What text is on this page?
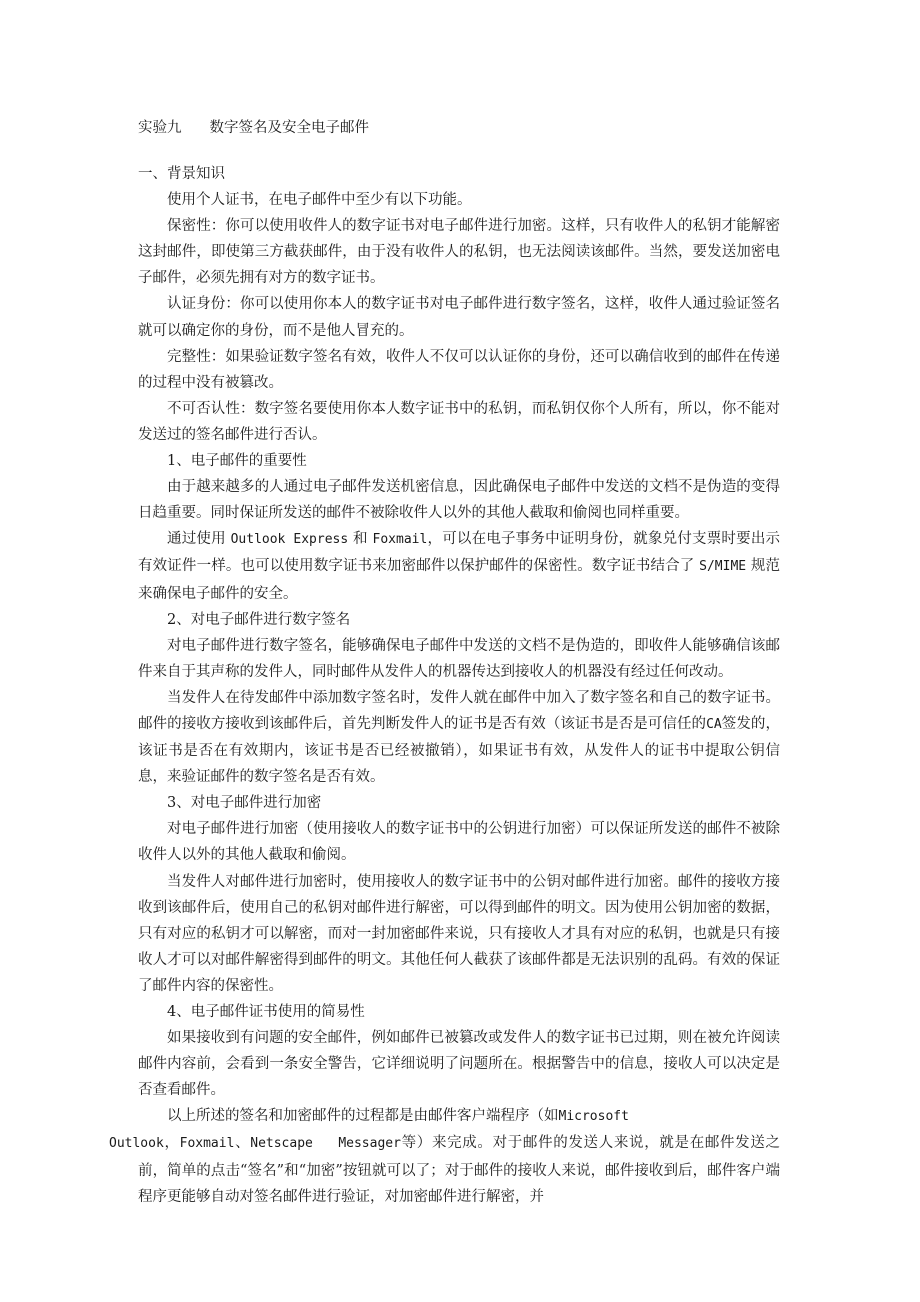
实验九 数字签名及安全电子邮件

一、背景知识

使用个人证书，在电子邮件中至少有以下功能。

保密性：你可以使用收件人的数字证书对电子邮件进行加密。这样，只有收件人的私钥才能解密这封邮件，即使第三方截获邮件，由于没有收件人的私钥，也无法阅读该邮件。当然，要发送加密电子邮件，必须先拥有对方的数字证书。

认证身份：你可以使用你本人的数字证书对电子邮件进行数字签名，这样，收件人通过验证签名就可以确定你的身份，而不是他人冒充的。

完整性：如果验证数字签名有效，收件人不仅可以认证你的身份，还可以确信收到的邮件在传递的过程中没有被篡改。

不可否认性：数字签名要使用你本人数字证书中的私钥，而私钥仅你个人所有，所以，你不能对发送过的签名邮件进行否认。

1、电子邮件的重要性

由于越来越多的人通过电子邮件发送机密信息，因此确保电子邮件中发送的文档不是伪造的变得日趋重要。同时保证所发送的邮件不被除收件人以外的其他人截取和偷阅也同样重要。

通过使用 Outlook Express 和 Foxmail，可以在电子事务中证明身份，就象兑付支票时要出示有效证件一样。也可以使用数字证书来加密邮件以保护邮件的保密性。数字证书结合了 S/MIME 规范来确保电子邮件的安全。

2、对电子邮件进行数字签名

对电子邮件进行数字签名，能够确保电子邮件中发送的文档不是伪造的，即收件人能够确信该邮件来自于其声称的发件人，同时邮件从发件人的机器传达到接收人的机器没有经过任何改动。

当发件人在待发邮件中添加数字签名时，发件人就在邮件中加入了数字签名和自己的数字证书。邮件的接收方接收到该邮件后，首先判断发件人的证书是否有效（该证书是否是可信任的CA签发的，该证书是否在有效期内，该证书是否已经被撤销），如果证书有效，从发件人的证书中提取公钥信息，来验证邮件的数字签名是否有效。

3、对电子邮件进行加密

对电子邮件进行加密（使用接收人的数字证书中的公钥进行加密）可以保证所发送的邮件不被除收件人以外的其他人截取和偷阅。

当发件人对邮件进行加密时，使用接收人的数字证书中的公钥对邮件进行加密。邮件的接收方接收到该邮件后，使用自己的私钥对邮件进行解密，可以得到邮件的明文。因为使用公钥加密的数据，只有对应的私钥才可以解密，而对一封加密邮件来说，只有接收人才具有对应的私钥，也就是只有接收人才可以对邮件解密得到邮件的明文。其他任何人截获了该邮件都是无法识别的乱码。有效的保证了邮件内容的保密性。

4、电子邮件证书使用的简易性

如果接收到有问题的安全邮件，例如邮件已被篡改或发件人的数字证书已过期，则在被允许阅读邮件内容前，会看到一条安全警告，它详细说明了问题所在。根据警告中的信息，接收人可以决定是否查看邮件。

以上所述的签名和加密邮件的过程都是由邮件客户端程序（如Microsoft
Outlook，Foxmail、Netscape   Messager等）来完成。对于邮件的发送人来说，就是在邮件发送之前，简单的点击“签名”和“加密”按钮就可以了；对于邮件的接收人来说，邮件接收到后，邮件客户端程序更能够自动对签名邮件进行验证，对加密邮件进行解密，并
